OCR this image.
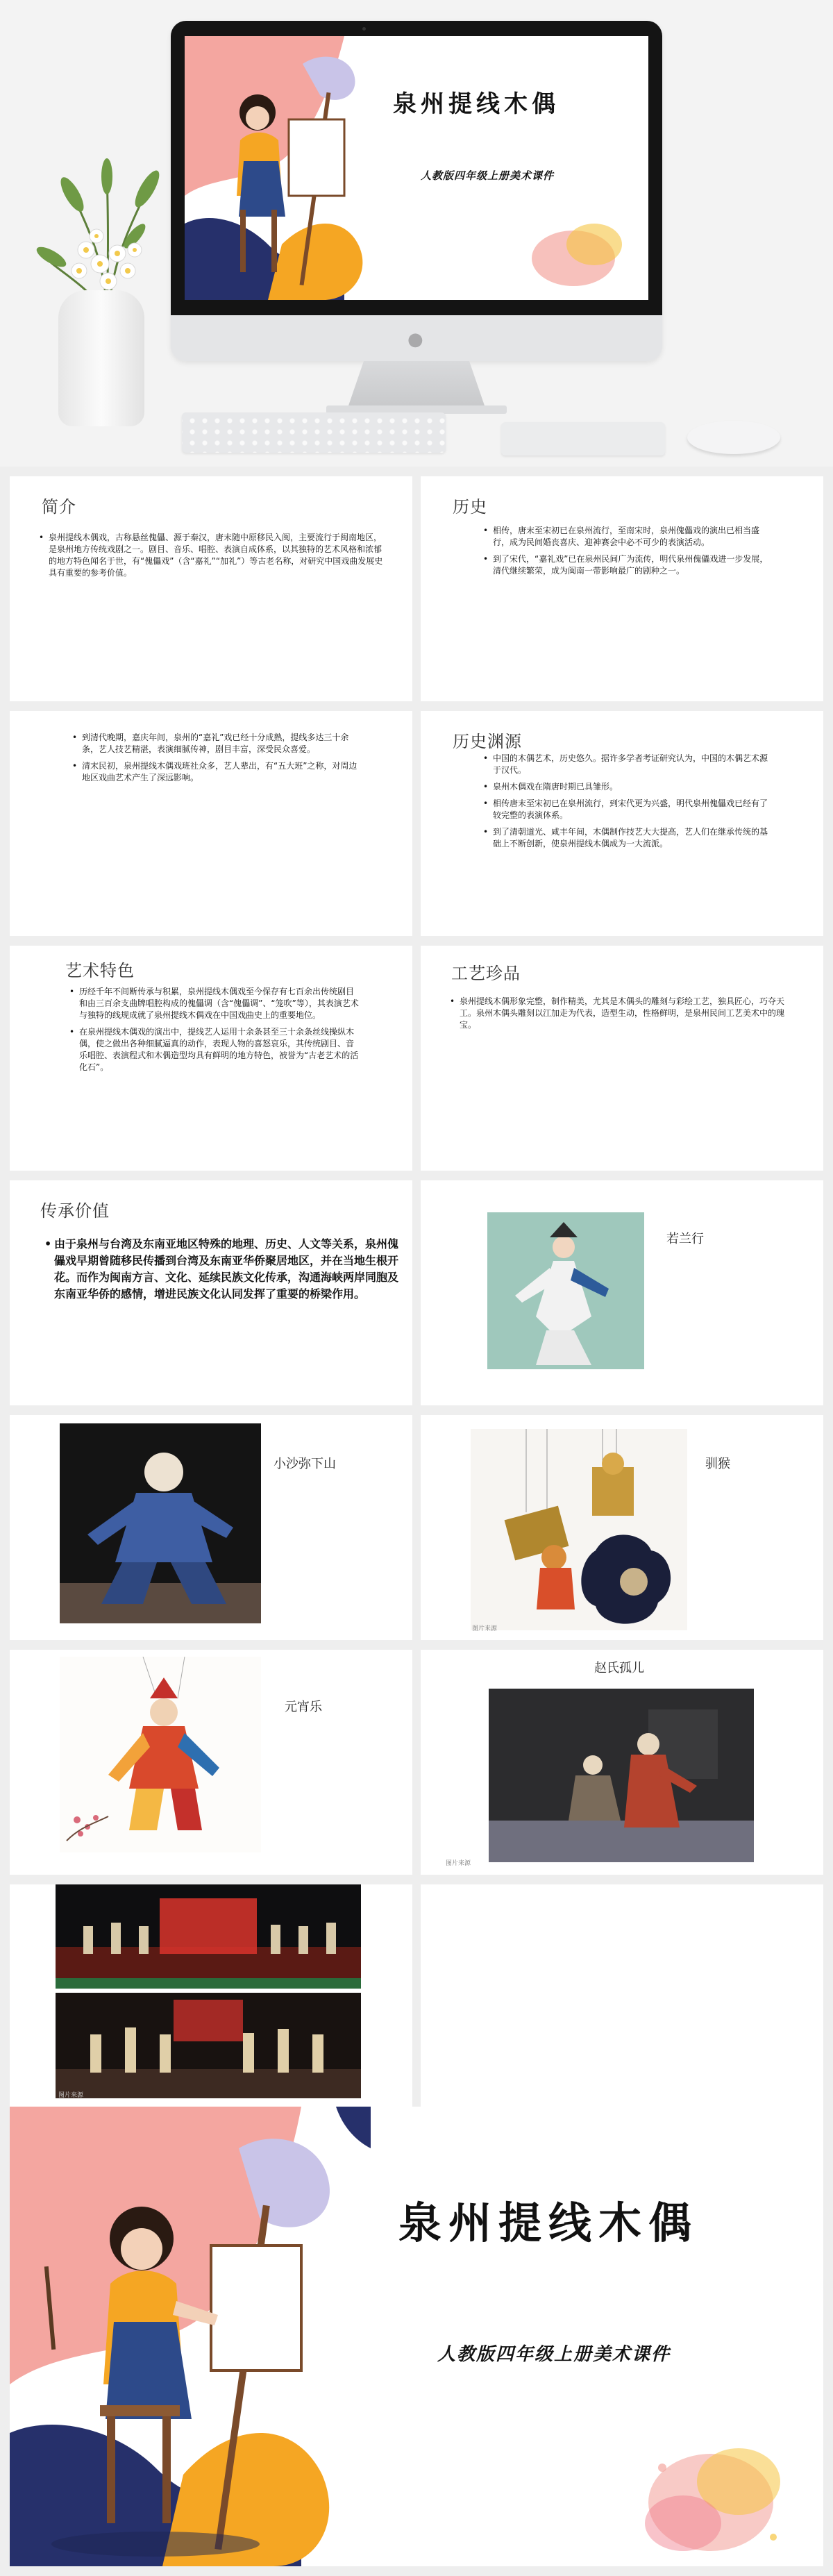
泉州提线木偶
人教版四年级上册美术课件
●
简介
• 泉州提线木偶戏，古称悬丝傀儡、源于秦汉，唐末随中原移民入闽，主要流行于闽南地区，是泉州地方传统戏剧之一。剧目、音乐、唱腔、表演自成体系，以其独特的艺术风格和浓郁的地方特色闻名于世，有“傀儡戏”（含“嘉礼”“加礼”）等古老名称，对研究中国戏曲发展史具有重要的参考价值。
历史
• 相传，唐末至宋初已在泉州流行，至南宋时，泉州傀儡戏的演出已相当盛行，成为民间婚丧喜庆、迎神赛会中必不可少的表演活动。
• 到了宋代，“嘉礼戏”已在泉州民间广为流传，明代泉州傀儡戏进一步发展，清代继续繁荣，成为闽南一带影响最广的剧种之一。
• 到清代晚期，嘉庆年间，泉州的“嘉礼”戏已经十分成熟，提线多达三十余条，艺人技艺精湛，表演细腻传神，剧目丰富，深受民众喜爱。
• 清末民初，泉州提线木偶戏班社众多，艺人辈出，有“五大班”之称，对周边地区戏曲艺术产生了深远影响。
历史渊源
• 中国的木偶艺术，历史悠久。据许多学者考证研究认为，中国的木偶艺术源于汉代。
• 泉州木偶戏在隋唐时期已具雏形。
• 相传唐末至宋初已在泉州流行，到宋代更为兴盛，明代泉州傀儡戏已经有了较完整的表演体系。
• 到了清朝道光、咸丰年间，木偶制作技艺大大提高，艺人们在继承传统的基础上不断创新，使泉州提线木偶成为一大流派。
艺术特色
• 历经千年不间断传承与积累，泉州提线木偶戏至今保存有七百余出传统剧目和由三百余支曲牌唱腔构成的傀儡调（含“傀儡调”、“笼吹”等），其表演艺术与独特的线规成就了泉州提线木偶戏在中国戏曲史上的重要地位。
• 在泉州提线木偶戏的演出中，提线艺人运用十余条甚至三十余条丝线操纵木偶，使之做出各种细腻逼真的动作，表现人物的喜怒哀乐，其传统剧目、音乐唱腔、表演程式和木偶造型均具有鲜明的地方特色，被誉为“古老艺术的活化石”。
工艺珍品
• 泉州提线木偶形象完整，制作精美，尤其是木偶头的雕刻与彩绘工艺，独具匠心，巧夺天工。泉州木偶头雕刻以江加走为代表，造型生动，性格鲜明，是泉州民间工艺美术中的瑰宝。
传承价值
• 由于泉州与台湾及东南亚地区特殊的地理、历史、人文等关系，泉州傀儡戏早期曾随移民传播到台湾及东南亚华侨聚居地区，并在当地生根开花。而作为闽南方言、文化、延续民族文化传承，沟通海峡两岸同胞及东南亚华侨的感情，增进民族文化认同发挥了重要的桥梁作用。
若兰行
小沙弥下山
图片来源
驯猴
元宵乐
赵氏孤儿
图片来源
图片来源
泉州提线木偶
人教版四年级上册美术课件
